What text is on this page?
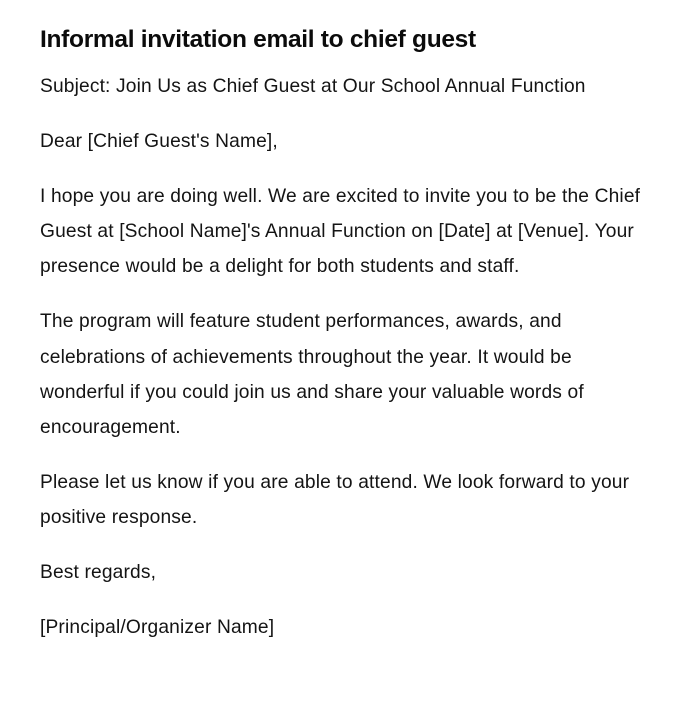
Informal invitation email to chief guest

Subject: Join Us as Chief Guest at Our School Annual Function

Dear [Chief Guest's Name],

I hope you are doing well. We are excited to invite you to be the Chief Guest at [School Name]'s Annual Function on [Date] at [Venue]. Your presence would be a delight for both students and staff.

The program will feature student performances, awards, and celebrations of achievements throughout the year. It would be wonderful if you could join us and share your valuable words of encouragement.

Please let us know if you are able to attend. We look forward to your positive response.

Best regards,

[Principal/Organizer Name]
